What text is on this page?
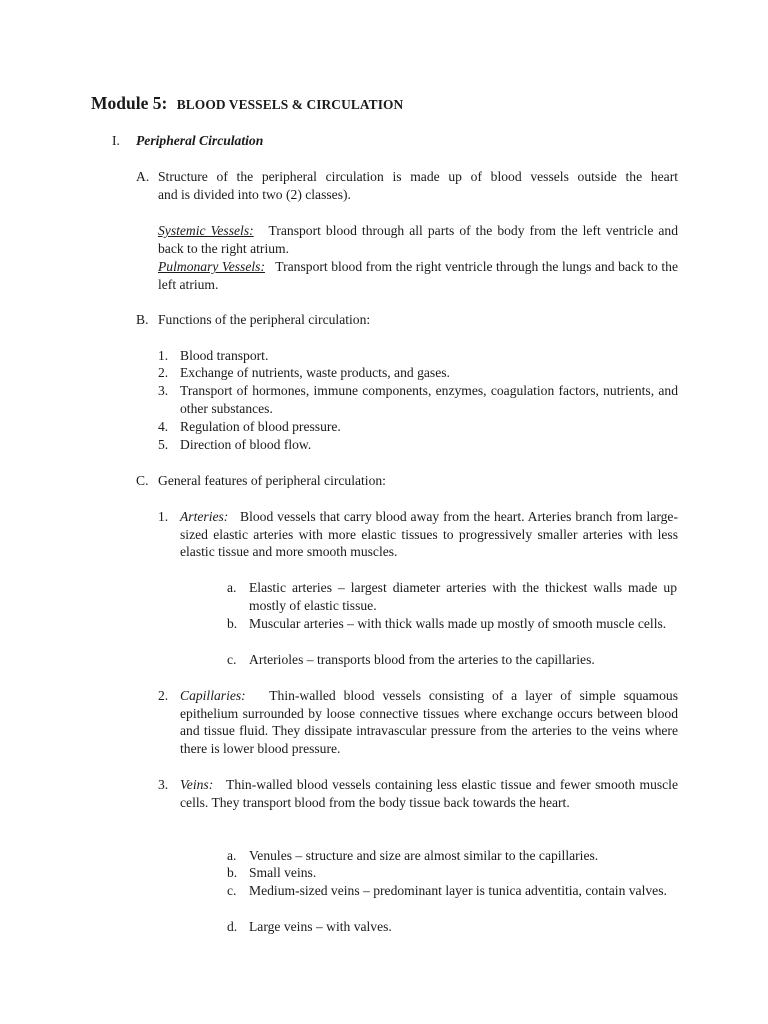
Module 5: BLOOD VESSELS & CIRCULATION
I. Peripheral Circulation
A. Structure of the peripheral circulation is made up of blood vessels outside the heart

and is divided into two (2) classes).

Systemic Vessels: Transport blood through all parts of the body from the left ventricle and back to the right atrium.
Pulmonary Vessels: Transport blood from the right ventricle through the lungs and back to the left atrium.
B. Functions of the peripheral circulation:
1. Blood transport.
2. Exchange of nutrients, waste products, and gases.
3. Transport of hormones, immune components, enzymes, coagulation factors, nutrients, and other substances.
4. Regulation of blood pressure.
5. Direction of blood flow.
C. General features of peripheral circulation:
1. Arteries: Blood vessels that carry blood away from the heart. Arteries branch from large-sized elastic arteries with more elastic tissues to progressively smaller arteries with less elastic tissue and more smooth muscles.
a. Elastic arteries – largest diameter arteries with the thickest walls made up mostly of elastic tissue.
b. Muscular arteries – with thick walls made up mostly of smooth muscle cells.
c. Arterioles – transports blood from the arteries to the capillaries.
2. Capillaries: Thin-walled blood vessels consisting of a layer of simple squamous epithelium surrounded by loose connective tissues where exchange occurs between blood and tissue fluid. They dissipate intravascular pressure from the arteries to the veins where there is lower blood pressure.
3. Veins: Thin-walled blood vessels containing less elastic tissue and fewer smooth muscle cells. They transport blood from the body tissue back towards the heart.
a. Venules – structure and size are almost similar to the capillaries.
b. Small veins.
c. Medium-sized veins – predominant layer is tunica adventitia, contain valves.
d. Large veins – with valves.
